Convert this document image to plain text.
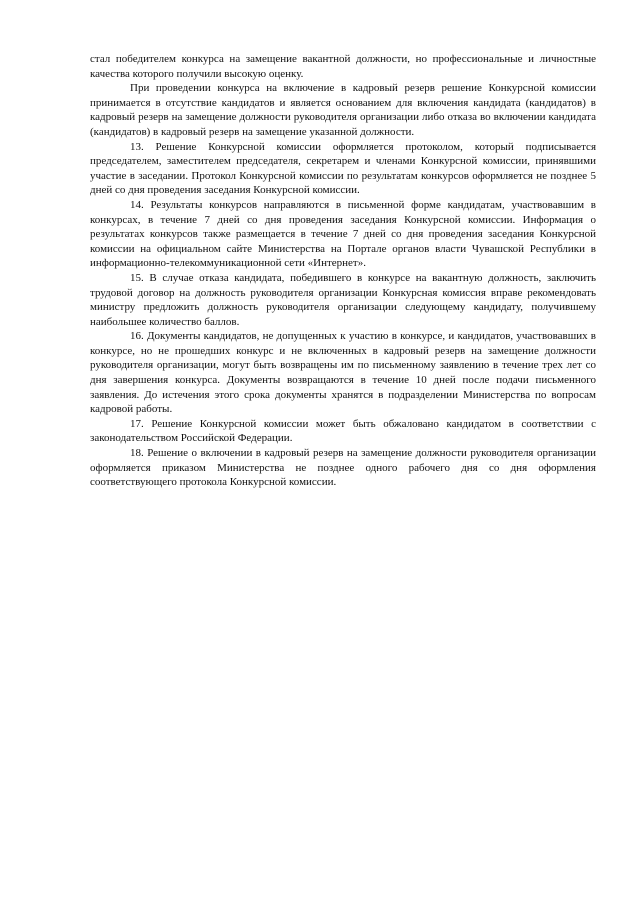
стал победителем конкурса на замещение вакантной должности, но профессиональные и личностные качества которого получили высокую оценку.

При проведении конкурса на включение в кадровый резерв решение Конкурсной комиссии принимается в отсутствие кандидатов и является основанием для включения кандидата (кандидатов) в кадровый резерв на замещение должности руководителя организации либо отказа во включении кандидата (кандидатов) в кадровый резерв на замещение указанной должности.

13. Решение Конкурсной комиссии оформляется протоколом, который подписывается председателем, заместителем председателя, секретарем и членами Конкурсной комиссии, принявшими участие в заседании. Протокол Конкурсной комиссии по результатам конкурсов оформляется не позднее 5 дней со дня проведения заседания Конкурсной комиссии.

14. Результаты конкурсов направляются в письменной форме кандидатам, участвовавшим в конкурсах, в течение 7 дней со дня проведения заседания Конкурсной комиссии. Информация о результатах конкурсов также размещается в течение 7 дней со дня проведения заседания Конкурсной комиссии на официальном сайте Министерства на Портале органов власти Чувашской Республики в информационно-телекоммуникационной сети «Интернет».

15. В случае отказа кандидата, победившего в конкурсе на вакантную должность, заключить трудовой договор на должность руководителя организации Конкурсная комиссия вправе рекомендовать министру предложить должность руководителя организации следующему кандидату, получившему наибольшее количество баллов.

16. Документы кандидатов, не допущенных к участию в конкурсе, и кандидатов, участвовавших в конкурсе, но не прошедших конкурс и не включенных в кадровый резерв на замещение должности руководителя организации, могут быть возвращены им по письменному заявлению в течение трех лет со дня завершения конкурса. Документы возвращаются в течение 10 дней после подачи письменного заявления. До истечения этого срока документы хранятся в подразделении Министерства по вопросам кадровой работы.

17. Решение Конкурсной комиссии может быть обжаловано кандидатом в соответствии с законодательством Российской Федерации.

18. Решение о включении в кадровый резерв на замещение должности руководителя организации оформляется приказом Министерства не позднее одного рабочего дня со дня оформления соответствующего протокола Конкурсной комиссии.
